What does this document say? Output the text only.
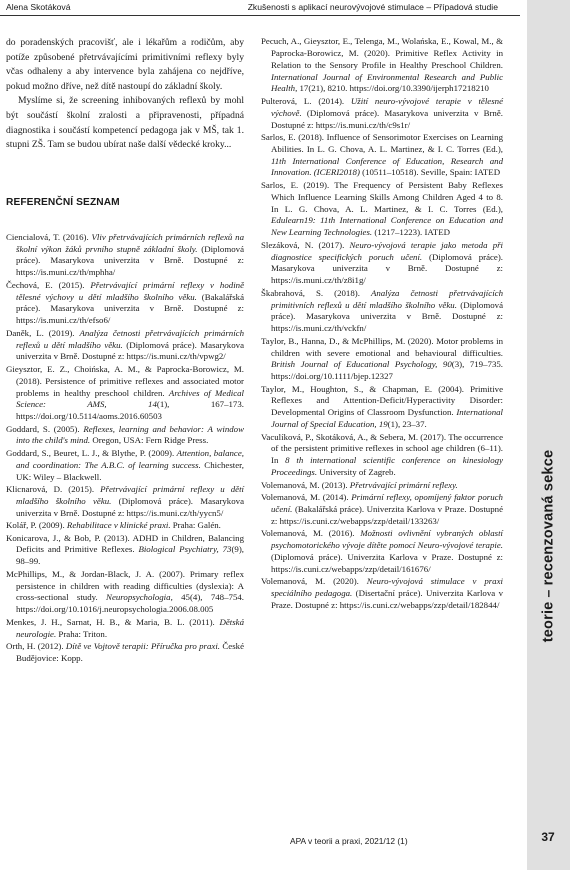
Alena Skotáková	Zkušenosti s aplikací neurovývojové stimulace – Případová studie

do poradenských pracovišť, ale i lékařům a rodičům, aby potíže způsobené přetrvávajícími primitivními reflexy byly včas odhaleny a aby intervence byla zahájena co nejdříve, pokud možno dříve, než dítě nastoupí do základní školy.

Myslíme si, že screening inhibovaných reflexů by mohl být součástí školní zralosti a připravenosti, případná diagnostika i součástí kompetencí pedagoga jak v MŠ, tak 1. stupni ZŠ. Tam se budou ubírat naše další vědecké kroky...

REFERENČNÍ SEZNAM

Ciencialová, T. (2016). Vliv přetrvávajících primárních reflexů na školní výkon žáků prvního stupně základní školy. (Diplomová práce). Masarykova univerzita v Brně. Dostupné z: https://is.muni.cz/th/mphha/

Čechová, E. (2015). Přetrvávající primární reflexy v hodině tělesné výchovy u dětí mladšího školního věku. (Bakalářská práce). Masarykova univerzita v Brně. Dostupné z: https://is.muni.cz/th/efso6/

Daněk, L. (2019). Analýza četnosti přetrvávajících primárních reflexů u dětí mladšího věku. (Diplomová práce). Masarykova univerzita v Brně. Dostupné z: https://is.muni.cz/th/vpwg2/

Gieysztor, E. Z., Choińska, A. M., & Paprocka-Borowicz, M. (2018). Persistence of primitive reflexes and associated motor problems in healthy preschool children. Archives of Medical Science: AMS, 14(1), 167–173. https://doi.org/10.5114/aoms.2016.60503

Goddard, S. (2005). Reflexes, learning and behavior: A window into the child's mind. Oregon, USA: Fern Ridge Press.

Goddard, S., Beuret, L. J., & Blythe, P. (2009). Attention, balance, and coordination: The A.B.C. of learning success. Chichester, UK: Wiley – Blackwell.

Klicnarová, D. (2015). Přetrvávající primární reflexy u dětí mladšího školního věku. (Diplomová práce). Masarykova univerzita v Brně. Dostupné z: https://is.muni.cz/th/yycn5/

Kolář, P. (2009). Rehabilitace v klinické praxi. Praha: Galén.

Konicarova, J., & Bob, P. (2013). ADHD in Children, Balancing Deficits and Primitive Reflexes. Biological Psychiatry, 73(9), 98–99.

McPhillips, M., & Jordan-Black, J. A. (2007). Primary reflex persistence in children with reading difficulties (dyslexia): A cross-sectional study. Neuropsychologia, 45(4), 748–754. https://doi.org/10.1016/j.neuropsychologia.2006.08.005

Menkes, J. H., Sarnat, H. B., & Maria, B. L. (2011). Dětská neurologie. Praha: Triton.

Orth, H. (2012). Dítě ve Vojtově terapii: Příručka pro praxi. České Budějovice: Kopp.

Pecuch, A., Gieysztor, E., Telenga, M., Wolańska, E., Kowal, M., & Paprocka-Borowicz, M. (2020). Primitive Reflex Activity in Relation to the Sensory Profile in Healthy Preschool Children. International Journal of Environmental Research and Public Health, 17(21), 8210. https://doi.org/10.3390/ijerph17218210

Pulterová, L. (2014). Užití neuro-vývojové terapie v tělesné výchově. (Diplomová práce). Masarykova univerzita v Brně. Dostupné z: https://is.muni.cz/th/c9s1r/

Sarlos, E. (2018). Influence of Sensorimotor Exercises on Learning Abilities. In L. G. Chova, A. L. Martinez, & I. C. Torres (Ed.), 11th International Conference of Education, Research and Innovation. (ICERI2018) (10511–10518). Seville, Spain: IATED

Sarlos, E. (2019). The Frequency of Persistent Baby Reflexes Which Influence Learning Skills Among Children Aged 4 to 8. In L. G. Chova, A. L. Martinez, & I. C. Torres (Ed.), Edulearn19: 11th International Conference on Education and New Learning Technologies. (1217–1223). IATED

Slezáková, N. (2017). Neuro-vývojová terapie jako metoda při diagnostice specifických poruch učení. (Diplomová práce). Masarykova univerzita v Brně. Dostupné z: https://is.muni.cz/th/z8i1g/

Škabrahová, S. (2018). Analýza četnosti přetrvávajících primitivních reflexů u dětí mladšího školního věku. (Diplomová práce). Masarykova univerzita v Brně. Dostupné z: https://is.muni.cz/th/vckfn/

Taylor, B., Hanna, D., & McPhillips, M. (2020). Motor problems in children with severe emotional and behavioural difficulties. British Journal of Educational Psychology, 90(3), 719–735. https://doi.org/10.1111/bjep.12327

Taylor, M., Houghton, S., & Chapman, E. (2004). Primitive Reflexes and Attention-Deficit/Hyperactivity Disorder: Developmental Origins of Classroom Dysfunction. International Journal of Special Education, 19(1), 23–37.

Vaculíková, P., Skotáková, A., & Sebera, M. (2017). The occurrence of the persistent primitive reflexes in school age children (6–11). In 8 th international scientific conference on kinesiology Proceedings. University of Zagreb.

Volemanová, M. (2013). Přetrvávající primární reflexy.

Volemanová, M. (2014). Primární reflexy, opomíjený faktor poruch učení. (Bakalářská práce). Univerzita Karlova v Praze. Dostupné z: https://is.cuni.cz/webapps/zzp/detail/133263/

Volemanová, M. (2016). Možnosti ovlivnění vybraných oblastí psychomotorického vývoje dítěte pomocí Neuro-vývojové terapie. (Diplomová práce). Univerzita Karlova v Praze. Dostupné z: https://is.cuni.cz/webapps/zzp/detail/161676/

Volemanová, M. (2020). Neuro-vývojová stimulace v praxi speciálního pedagoga. (Disertační práce). Univerzita Karlova v Praze. Dostupné z: https://is.cuni.cz/webapps/zzp/detail/182844/	teorie – recenzovaná sekce
APA v teorii a praxi, 2021/12 (1)	37
